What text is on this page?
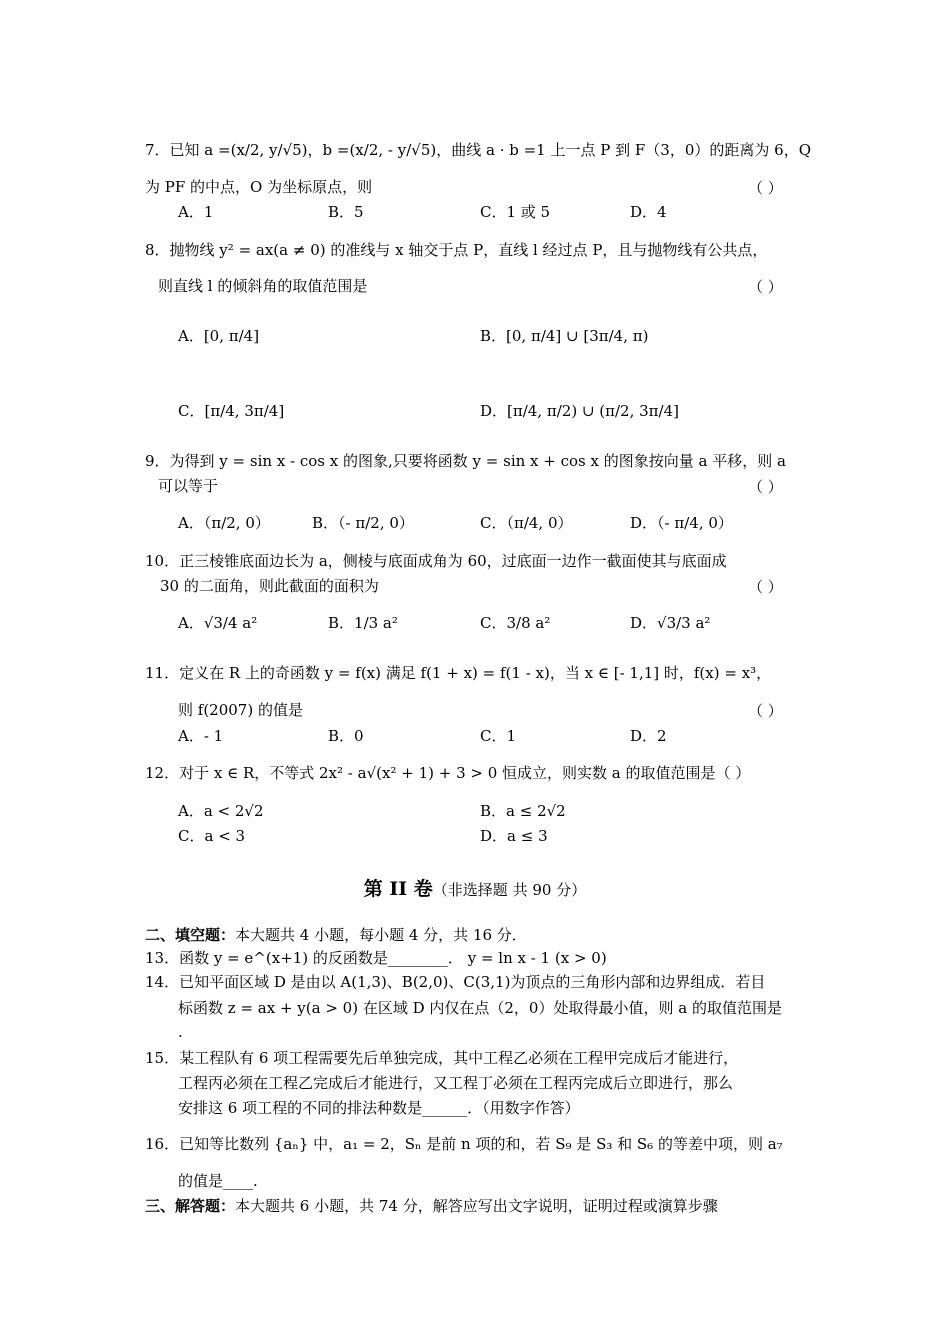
7．已知 a =(x/2, y/√5)，b =(x/2, - y/√5)，曲线 a · b =1 上一点 P 到 F（3，0）的距离为 6，Q
为 PF 的中点，O 为坐标原点，则	（ ）
A．1	B．5	C．1 或 5	D．4
8．抛物线 y² = ax(a ≠ 0) 的准线与 x 轴交于点 P，直线 l 经过点 P，且与抛物线有公共点，
则直线 l 的倾斜角的取值范围是	（ ）
A．[0, π/4]	B．[0, π/4] ∪ [3π/4, π)
C．[π/4, 3π/4]	D．[π/4, π/2) ∪ (π/2, 3π/4]
9．为得到 y = sin x - cos x 的图象,只要将函数 y = sin x + cos x 的图象按向量 a 平移，则 a
可以等于	（ ）
A．（π/2, 0）	B．（- π/2, 0）	C．（π/4, 0）	D．（- π/4, 0）
10．正三棱锥底面边长为 a，侧棱与底面成角为 60，过底面一边作一截面使其与底面成
30 的二面角，则此截面的面积为	（ ）
A．√3/4 a²	B．1/3 a²	C．3/8 a²	D．√3/3 a²
11．定义在 R 上的奇函数 y = f(x) 满足 f(1 + x) = f(1 - x)，当 x ∈ [- 1,1] 时，f(x) = x³，
则 f(2007) 的值是	（ ）
A．- 1	B．0	C．1	D．2
12．对于 x ∈ R，不等式 2x² - a√(x² + 1) + 3 > 0 恒成立，则实数 a 的取值范围是（ ）
A．a < 2√2	B．a ≤ 2√2
C．a < 3	D．a ≤ 3
第 II 卷（非选择题 共 90 分）
二、填空题：本大题共 4 小题，每小题 4 分，共 16 分．
13．函数 y = e^(x+1) 的反函数是________． y = ln x - 1 (x > 0)
14．已知平面区域 D 是由以 A(1,3)、B(2,0)、C(3,1)为顶点的三角形内部和边界组成．若目
标函数 z = ax + y(a > 0) 在区域 D 内仅在点（2，0）处取得最小值，则 a 的取值范围是
.
15．某工程队有 6 项工程需要先后单独完成，其中工程乙必须在工程甲完成后才能进行，
工程丙必须在工程乙完成后才能进行，又工程丁必须在工程丙完成后立即进行，那么
安排这 6 项工程的不同的排法种数是______．（用数字作答）
16．已知等比数列 {aₙ} 中，a₁ = 2，Sₙ 是前 n 项的和，若 S₉ 是 S₃ 和 S₆ 的等差中项，则 a₇
的值是____.
三、解答题：本大题共 6 小题，共 74 分，解答应写出文字说明，证明过程或演算步骤
